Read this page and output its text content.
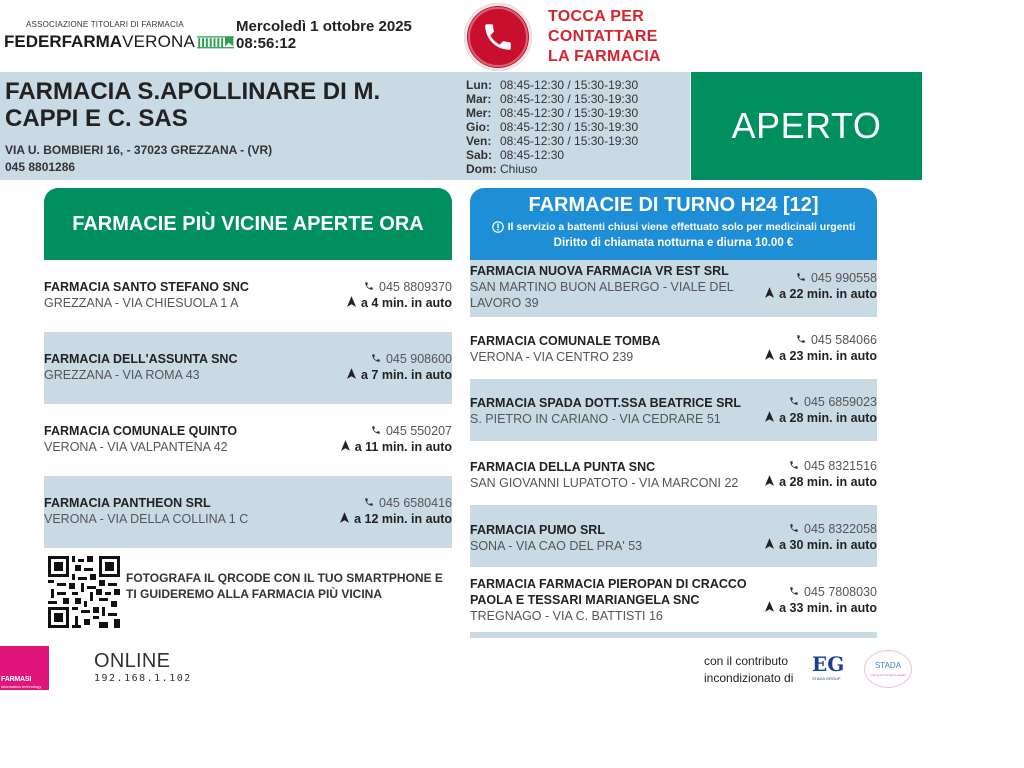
ASSOCIAZIONE TITOLARI DI FARMACIA
FEDERFARMA VERONA
Mercoledì 1 ottobre 2025
08:56:12
TOCCA PER
CONTATTARE
LA FARMACIA
FARMACIA S.APOLLINARE DI M. CAPPI E C. SAS
VIA U. BOMBIERI 16, - 37023 GREZZANA - (VR)
045 8801286
Lun: 08:45-12:30 / 15:30-19:30
Mar: 08:45-12:30 / 15:30-19:30
Mer: 08:45-12:30 / 15:30-19:30
Gio: 08:45-12:30 / 15:30-19:30
Ven: 08:45-12:30 / 15:30-19:30
Sab: 08:45-12:30
Dom: Chiuso
APERTO
FARMACIE PIÙ VICINE APERTE ORA
FARMACIA SANTO STEFANO SNC
GREZZANA - VIA CHIESUOLA 1 A
045 8809370
a 4 min. in auto
FARMACIA DELL'ASSUNTA SNC
GREZZANA - VIA ROMA 43
045 908600
a 7 min. in auto
FARMACIA COMUNALE QUINTO
VERONA - VIA VALPANTENA 42
045 550207
a 11 min. in auto
FARMACIA PANTHEON SRL
VERONA - VIA DELLA COLLINA 1 C
045 6580416
a 12 min. in auto
FOTOGRAFA IL QRCODE CON IL TUO SMARTPHONE E TI GUIDEREMO ALLA FARMACIA PIÙ VICINA
FARMACIE DI TURNO H24 [12]
Il servizio a battenti chiusi viene effettuato solo per medicinali urgenti
Diritto di chiamata notturna e diurna 10.00 €
FARMACIA NUOVA FARMACIA VR EST SRL
SAN MARTINO BUON ALBERGO - VIALE DEL LAVORO 39
045 990558
a 22 min. in auto
FARMACIA COMUNALE TOMBA
VERONA - VIA CENTRO 239
045 584066
a 23 min. in auto
FARMACIA SPADA DOTT.SSA BEATRICE SRL
S. PIETRO IN CARIANO - VIA CEDRARE 51
045 6859023
a 28 min. in auto
FARMACIA DELLA PUNTA SNC
SAN GIOVANNI LUPATOTO - VIA MARCONI 22
045 8321516
a 28 min. in auto
FARMACIA PUMO SRL
SONA - VIA CAO DEL PRA' 53
045 8322058
a 30 min. in auto
FARMACIA FARMACIA PIEROPAN DI CRACCO PAOLA E TESSARI MARIANGELA SNC
TREGNAGO - VIA C. BATTISTI 16
045 7808030
a 33 min. in auto
FARMASI
information technology
ONLINE
192.168.1.102
con il contributo
incondizionato di
EG
STADA GROUP
STADA
Caring for People's Health
